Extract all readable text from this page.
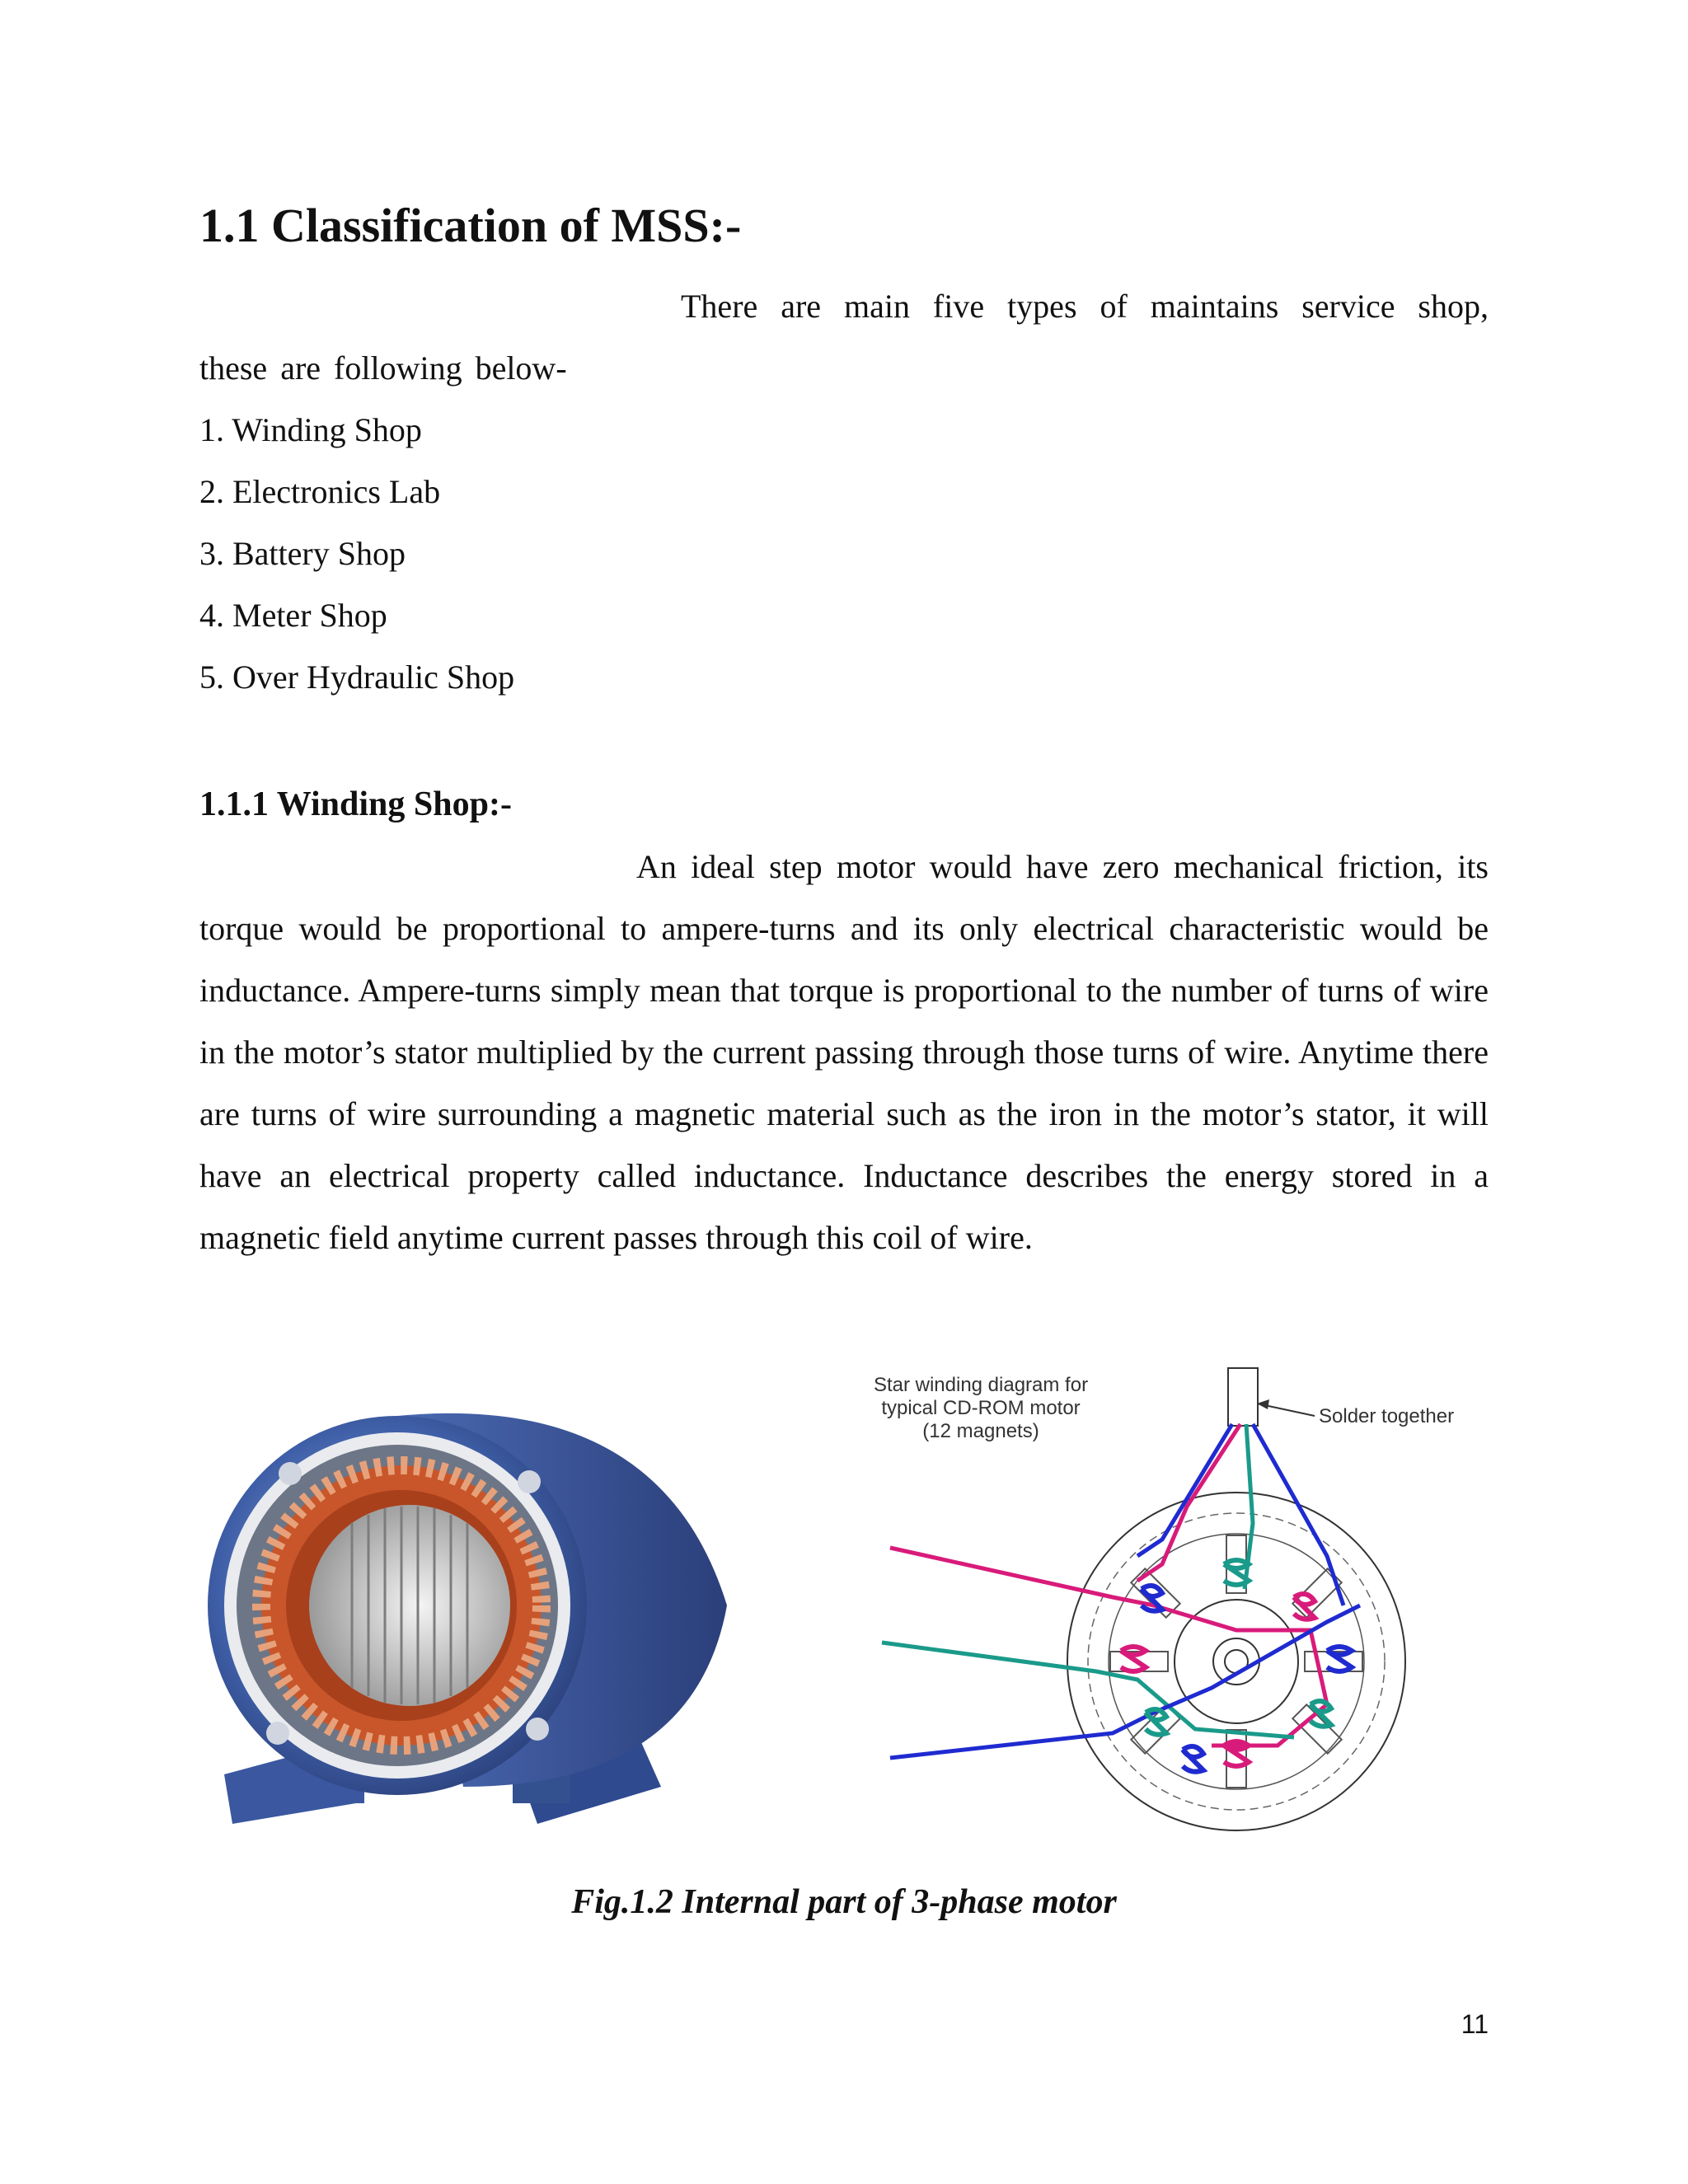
1.1 Classification of MSS:-

There are main five types of maintains service shop, these are following below-

1. Winding Shop
2. Electronics Lab
3. Battery Shop
4. Meter Shop
5. Over Hydraulic Shop
1.1.1 Winding Shop:-

An ideal step motor would have zero mechanical friction, its torque would be proportional to ampere-turns and its only electrical characteristic would be inductance. Ampere-turns simply mean that torque is proportional to the number of turns of wire in the motor’s stator multiplied by the current passing through those turns of wire. Anytime there are turns of wire surrounding a magnetic material such as the iron in the motor’s stator, it will have an electrical property called inductance. Inductance describes the energy stored in a magnetic field anytime current passes through this coil of wire.

Star winding diagram for
typical CD-ROM motor
(12 magnets)
Solder together

Fig.1.2 Internal part of 3-phase motor

11
